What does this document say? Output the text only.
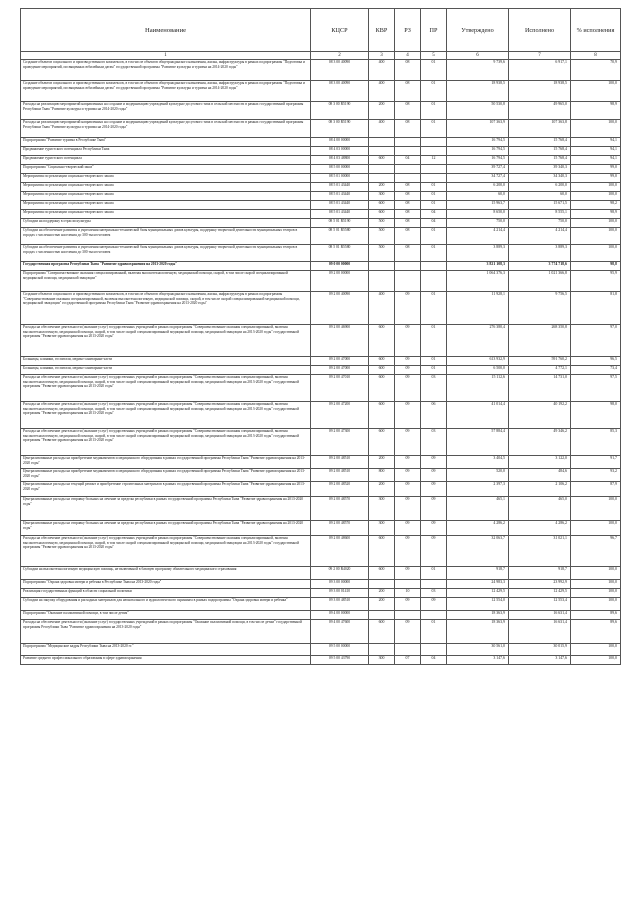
Наименование	КЦСР	КВР	РЗ	ПР	Утверждено	Исполнено	% исполнения
1	2	3	4	5	6	7	8
Создание объектов социального и производственного комплексов, в том числе объектов общегражданского назначения, жилья, инфраструктуры в рамках подпрограммы "Подготовка и проведение мероприятий, посвященных юбилейным датам" государственной программы "Развитие культуры и туризма на 2014-2020 годы"	08 3 00 40090	400	08	01	9 739,6	6 917,1	70,9
Создание объектов социального и производственного комплексов, в том числе объектов общегражданского назначения, жилья, инфраструктуры в рамках подпрограммы "Подготовка и проведение мероприятий, посвященных юбилейным датам" государственной программы "Развитие культуры и туризма на 2014-2020 годы"	08 3 00 40090	400	08	01	18 938,5	18 938,5	100,0
Расходы на реализацию мероприятий направленных на создание и модернизацию учреждений культурно-досугового типа в сельской местности в рамках государственной программы Республики Тыва "Развитие культуры и туризма на 2014-2020 годы"	08 3 00 R5190	200	08	01	50 530,8	49 965,0	98,9
Расходы на реализацию мероприятий направленных на создание и модернизацию учреждений культурно-досугового типа в сельской местности в рамках государственной программы Республики Тыва "Развитие культуры и туризма на 2014-2020 годы"	08 3 00 R5190	400	08	01	107 363,9	107 363,8	100,0
Подпрограмма "Развитие туризма в Республике Тыва"	08 4 00 00000				16 794,5	15 768,4	94,1
Продвижение туристского потенциала Республики Тыва	08 4 03 00000				16 794,5	15 768,4	94,1
Продвижение туристского потенциала	08 4 03 48800	600	04	12	16 794,5	15 768,4	94,1
Подпрограмма "Социально-творческий заказ"	08 5 00 00000				39 727,4	39 340,3	99,0
Мероприятия по реализации социально-творческого заказа	08 5 01 00000				34 727,4	34 340,3	99,0
Мероприятия по реализации социально-творческого заказа	08 5 01 43440	200	08	01	6 200,0	6 200,0	100,0
Мероприятия по реализации социально-творческого заказа	08 5 01 43440	300	08	01	60,0	60,0	100,0
Мероприятия по реализации социально-творческого заказа	08 5 01 43440	600	08	01	15 963,7	15 671,5	98,2
Мероприятия по реализации социально-творческого заказа	08 5 01 43440	600	08	04	8 650,0	8 555,1	98,9
Субсидии на поддержку в отрасли культуры	08 5 01 R5190	500	08	04	750,0	750,0	100,0
Субсидии на обеспечение развития и укрепления материально-технической базы муниципальных домов культуры, поддержку творческой деятельности муниципальных театров в городах с численностью населения до 300 тысяч человек	08 5 01 R5580	500	08	01	4 214,4	4 214,4	100,0
Субсидии на обеспечение развития и укрепления материально-технической базы муниципальных домов культуры, поддержку творческой деятельности муниципальных театров в городах с численностью населения до 300 тысяч человек	08 5 01 R5580	500	08	01	3 889,3	3 889,3	100,0
Государственная программа Республики Тыва "Развитие здравоохранения на 2013-2020 годы"	09 0 00 00000				3 821 108,3	3 774 718,6	98,8
Подпрограмма "Совершенствование оказания специализированной, включая высокотехнологичную, медицинской помощи, скорой, в том числе скорой специализированной медицинской помощи, медицинской эвакуации"	09 2 00 00000				1 064 376,3	1 021 366,8	95,9
Создание объектов социального и производственного комплексов, в том числе объектов общегражданского назначения, жилья, инфраструктуры в рамках подпрограммы "Совершенствование оказания специализированной, включая высокотехнологичную, медицинской помощи, скорой, в том числе скорой специализированной медицинской помощи, медицинской эвакуации" государственной программы Республики Тыва "Развитие здравоохранения на 2013-2020 годы"	09 2 00 40090	400	09	01	11 928,1	9 756,5	81,8
Расходы на обеспечение деятельности (оказание услуг) государственных учреждений в рамках подпрограммы "Совершенствование оказания специализированной, включая высокотехнологичную, медицинской помощи, скорой, в том числе скорой специализированной медицинской помощи, медицинской эвакуации на 2013-2020 годы" государственной программы "Развитие здравоохранения на 2013-2020 годы"	09 2 00 46900	600	09	01	276 380,4	268 350,8	97,0
Больницы, клиники, госпитали, медико-санитарные части	09 2 00 47000	600	09	01	613 932,9	591 760,2	96,5
Больницы, клиники, госпитали, медико-санитарные части	09 2 00 47000	600	09	01	6 500,0	4 772,1	73,4
Расходы на обеспечение деятельности (оказание услуг) государственных учреждений в рамках подпрограммы "Совершенствование оказания специализированной, включая высокотехнологичную, медицинской помощи, скорой, в том числе скорой специализированной медицинской помощи, медицинской эвакуации на 2013-2020 годы" государственной программы "Развитие здравоохранения на 2013-2020 годы"	09 2 00 47010	600	09	03	15 112,6	14 731,0	97,5
Расходы на обеспечение деятельности (оказание услуг) государственных учреждений в рамках подпрограммы "Совершенствование оказания специализированной, включая высокотехнологичную, медицинской помощи, скорой, в том числе скорой специализированной медицинской помощи, медицинской эвакуации на 2013-2020 годы" государственной программы "Развитие здравоохранения на 2013-2020 годы"	09 2 00 47200	600	09	06	41 014,4	40 192,2	98,0
Расходы на обеспечение деятельности (оказание услуг) государственных учреждений в рамках подпрограммы "Совершенствование оказания специализированной, включая высокотехнологичную, медицинской помощи, скорой, в том числе скорой специализированной медицинской помощи, медицинской эвакуации на 2013-2020 годы" государственной программы "Развитие здравоохранения на 2013-2020 годы"	09 2 00 47300	600	09	03	57 884,4	49 346,2	85,3
Централизованные расходы на приобретение медикаментов и медицинского оборудования в рамках государственной программы Республики Тыва "Развитие здравоохранения на 2013-2020 годы"	09 2 00 48510	200	09	09	3 404,5	3 122,0	91,7
Централизованные расходы на приобретение медикаментов и медицинского оборудования в рамках государственной программы Республики Тыва "Развитие здравоохранения на 2013-2020 годы"	09 2 00 48510	800	09	09	520,0	484,6	93,2
Централизованные расходы на текущий ремонт и приобретение строительных материалов в рамках государственной программы Республики Тыва "Развитие здравоохранения на 2013-2020 годы"	09 2 00 48520	200	09	09	2 397,3	2 106,2	87,9
Централизованные расходы на отправку больных на лечение за пределы республики в рамках государственной программы Республики Тыва "Развитие здравоохранения на 2013-2020 годы"	09 2 00 48570	300	09	09	465,1	465,0	100,0
Централизованные расходы на отправку больных на лечение за пределы республики в рамках государственной программы Республики Тыва "Развитие здравоохранения на 2013-2020 годы"	09 2 00 48570	300	09	09	4 286,2	4 286,2	100,0
Расходы на обеспечение деятельности (оказание услуг) государственных учреждений в рамках подпрограммы "Совершенствование оказания специализированной, включая высокотехнологичную, медицинской помощи, скорой, в том числе скорой специализированной медицинской помощи, медицинской эвакуации на 2013-2020 годы" государственной программы "Развитие здравоохранения на 2013-2020 годы"	09 2 00 48600	600	09	09	32 063,7	31 021,1	96,7
Субсидии на высокотехнологичную медицинскую помощь, не включенной в базовую программу обязательного медицинского страхования	09 2 00 R4020	600	09	01	918,7	918,7	100,0
Подпрограмма "Охрана здоровья матери и ребенка в Республике Тыва на 2013-2020 годы"	09 3 00 00000				24 983,3	23 992,9	100,0
Реализация государственных функций в области социальной политики	09 3 00 01410	200	10	03	12 429,5	12 429,5	100,0
Субсидии на закупку оборудования и расходных материалов для неонатального и аудиологического скрининга в рамках подпрограммы "Охрана здоровья матери и ребенка"	09 3 00 48510	200	09	09	12 554,0	12 553,4	100,0
Подпрограмма "Оказание паллиативной помощи, в том числе детям"	09 4 00 00000				18 363,9	16 631,4	89,6
Расходы на обеспечение деятельности (оказание услуг) государственных учреждений в рамках подпрограммы "Оказание паллиативной помощи, в том числе детям" государственной программы Республики Тыва "Развитие здравоохранения на 2013-2020 годы"	09 4 00 47600	600	09	01	18 363,9	16 631,4	89,6
Подпрограмма "Медицинские кадры Республики Тыва на 2013-2020 гг."	09 5 00 00000				30 561,0	30 015,9	100,0
Развитие среднего профессионального образования в сфере здравоохранения	09 5 00 43790	300	07	04	3 147,6	3 147,6	100,0
